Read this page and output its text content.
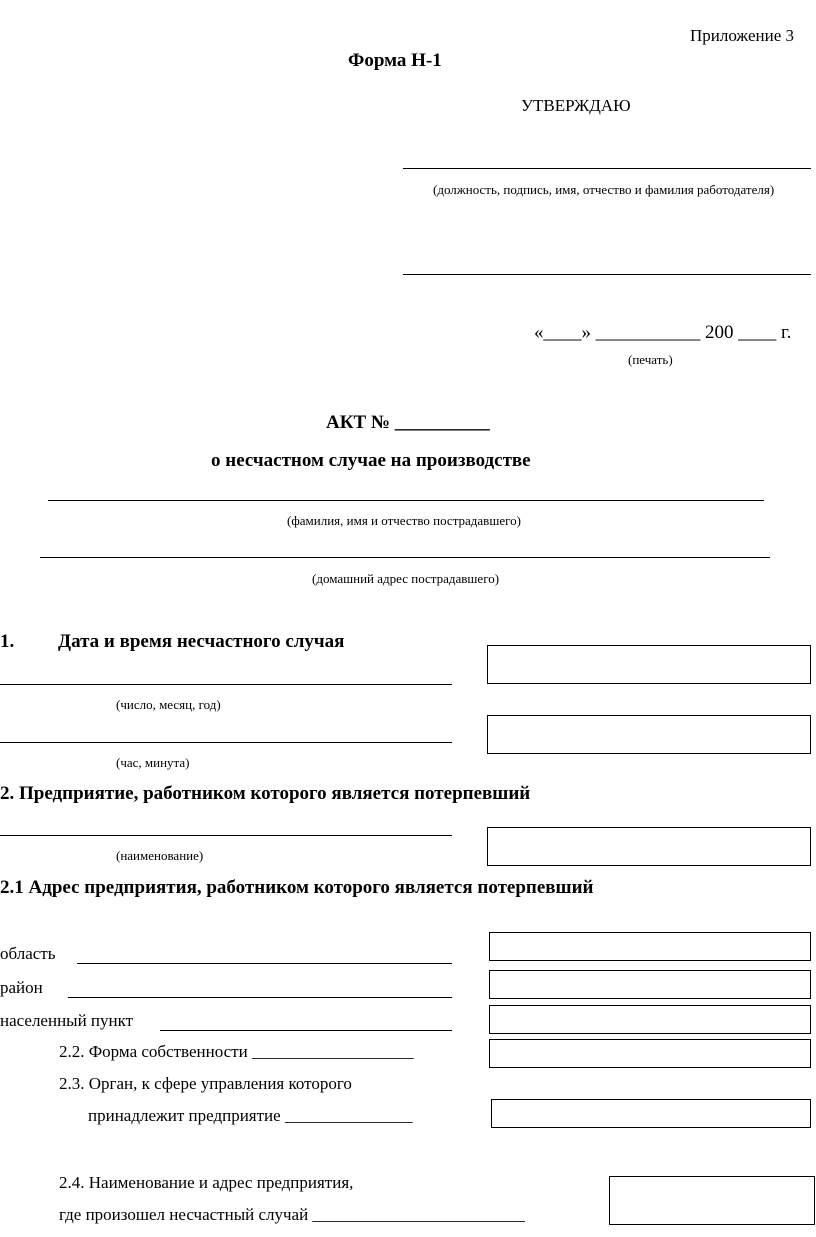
Приложение 3
Форма Н-1
УТВЕРЖДАЮ
(должность, подпись, имя, отчество и фамилия работодателя)
«____» ___________ 200 ____ г.
(печать)
АКТ № __________
о несчастном случае на производстве
(фамилия, имя и отчество пострадавшего)
(домашний адрес пострадавшего)
1. Дата и время несчастного случая
(число, месяц, год)
(час, минута)
2. Предприятие, работником которого является потерпевший
(наименование)
2.1 Адрес предприятия, работником которого является потерпевший
область
район
населенный пункт
2.2. Форма собственности ___________________
2.3. Орган, к сфере управления которого
принадлежит предприятие _______________
2.4. Наименование и адрес предприятия,
где произошел несчастный случай _________________________
